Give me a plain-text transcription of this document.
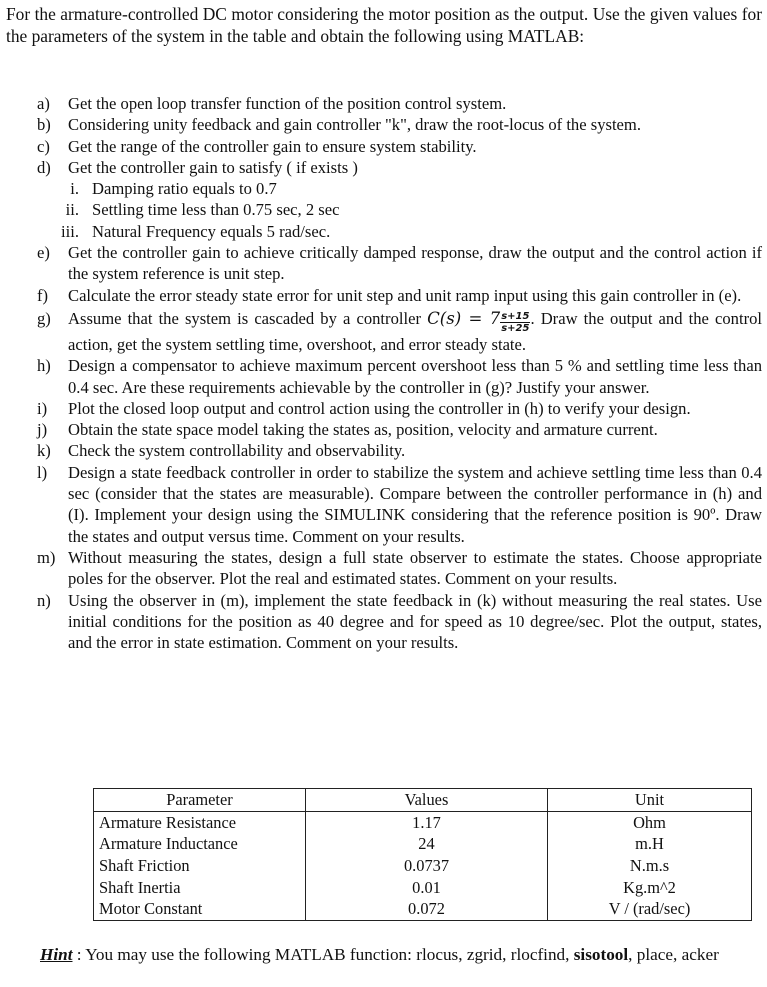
For the armature-controlled DC motor considering the motor position as the output. Use the given values for the parameters of the system in the table and obtain the following using MATLAB:
a)	Get the open loop transfer function of the position control system.
b)	Considering unity feedback and gain controller "k", draw the root-locus of the system.
c)	Get the range of the controller gain to ensure system stability.
d)	Get the controller gain to satisfy ( if exists )
i. Damping ratio equals to 0.7
ii. Settling time less than 0.75 sec, 2 sec
iii. Natural Frequency equals 5 rad/sec.
e)	Get the controller gain to achieve critically damped response, draw the output and the control action if the system reference is unit step.
f)	Calculate the error steady state error for unit step and unit ramp input using this gain controller in (e).
g)	Assume that the system is cascaded by a controller $C(s) = 7 \frac{s+15}{s+25}$ . Draw the output and the control action, get the system settling time, overshoot, and error steady state.
h)	Design a compensator to achieve maximum percent overshoot less than 5 % and settling time less than 0.4 sec. Are these requirements achievable by the controller in (g)? Justify your answer.
i)	Plot the closed loop output and control action using the controller in (h) to verify your design.
j)	Obtain the state space model taking the states as, position, velocity and armature current.
k)	Check the system controllability and observability.
l)	Design a state feedback controller in order to stabilize the system and achieve settling time less than 0.4 sec (consider that the states are measurable). Compare between the controller performance in (h) and (I). Implement your design using the SIMULINK considering that the reference position is 90º. Draw the states and output versus time. Comment on your results.
m) Without measuring the states, design a full state observer to estimate the states. Choose appropriate poles for the observer. Plot the real and estimated states. Comment on your results.
n)	Using the observer in (m), implement the state feedback in (k) without measuring the real states. Use initial conditions for the position as 40 degree and for speed as 10 degree/sec. Plot the output, states, and the error in state estimation. Comment on your results.
Parameter	Values	Unit
Armature Resistance	1.17	Ohm
Armature Inductance	24	m.H
Shaft Friction	0.0737	N.m.s
Shaft Inertia	0.01	Kg.m^2
Motor Constant	0.072	V / (rad/sec)
Hint : You may use the following MATLAB function: rlocus, zgrid, rlocfind, sisotool, place, acker
